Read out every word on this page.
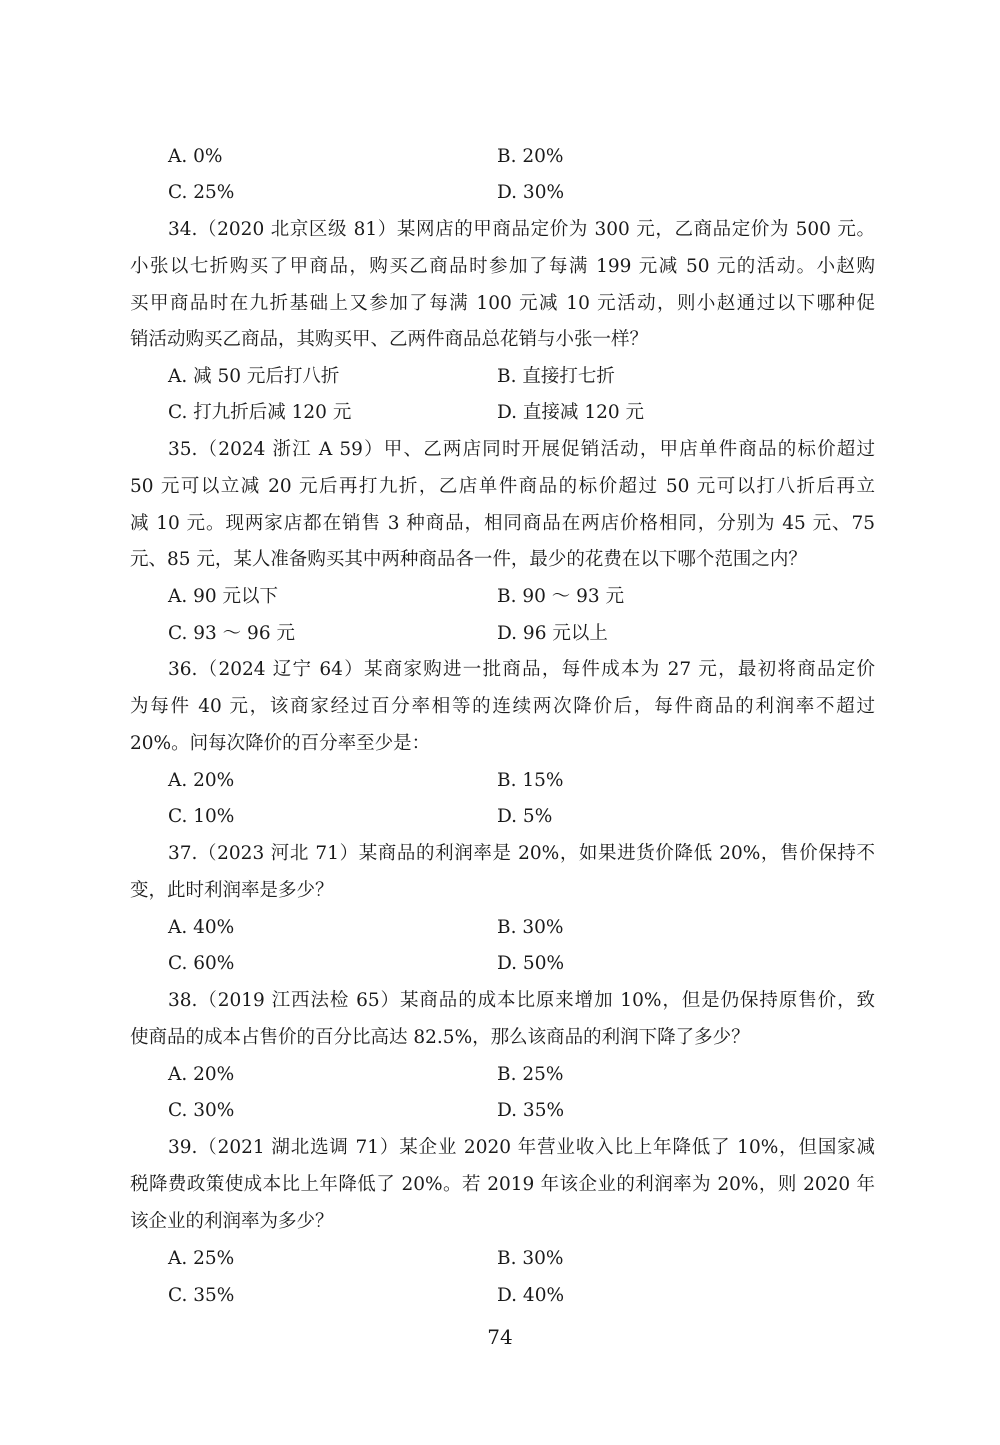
A. 0%	B. 20%
C. 25%	D. 30%
34.（2020 北京区级 81）某网店的甲商品定价为 300 元，乙商品定价为 500 元。
小张以七折购买了甲商品，购买乙商品时参加了每满 199 元减 50 元的活动。小赵购
买甲商品时在九折基础上又参加了每满 100 元减 10 元活动，则小赵通过以下哪种促
销活动购买乙商品，其购买甲、乙两件商品总花销与小张一样？
A. 减 50 元后打八折	B. 直接打七折
C. 打九折后减 120 元	D. 直接减 120 元
35.（2024 浙江 A 59）甲、乙两店同时开展促销活动，甲店单件商品的标价超过
50 元可以立减 20 元后再打九折，乙店单件商品的标价超过 50 元可以打八折后再立
减 10 元。现两家店都在销售 3 种商品，相同商品在两店价格相同，分别为 45 元、75
元、85 元，某人准备购买其中两种商品各一件，最少的花费在以下哪个范围之内？
A. 90 元以下	B. 90 ～ 93 元
C. 93 ～ 96 元	D. 96 元以上
36.（2024 辽宁 64）某商家购进一批商品，每件成本为 27 元，最初将商品定价
为每件 40 元，该商家经过百分率相等的连续两次降价后，每件商品的利润率不超过
20%。问每次降价的百分率至少是：
A. 20%	B. 15%
C. 10%	D. 5%
37.（2023 河北 71）某商品的利润率是 20%，如果进货价降低 20%，售价保持不
变，此时利润率是多少？
A. 40%	B. 30%
C. 60%	D. 50%
38.（2019 江西法检 65）某商品的成本比原来增加 10%，但是仍保持原售价，致
使商品的成本占售价的百分比高达 82.5%，那么该商品的利润下降了多少？
A. 20%	B. 25%
C. 30%	D. 35%
39.（2021 湖北选调 71）某企业 2020 年营业收入比上年降低了 10%，但国家减
税降费政策使成本比上年降低了 20%。若 2019 年该企业的利润率为 20%，则 2020 年
该企业的利润率为多少？
A. 25%	B. 30%
C. 35%	D. 40%
74
